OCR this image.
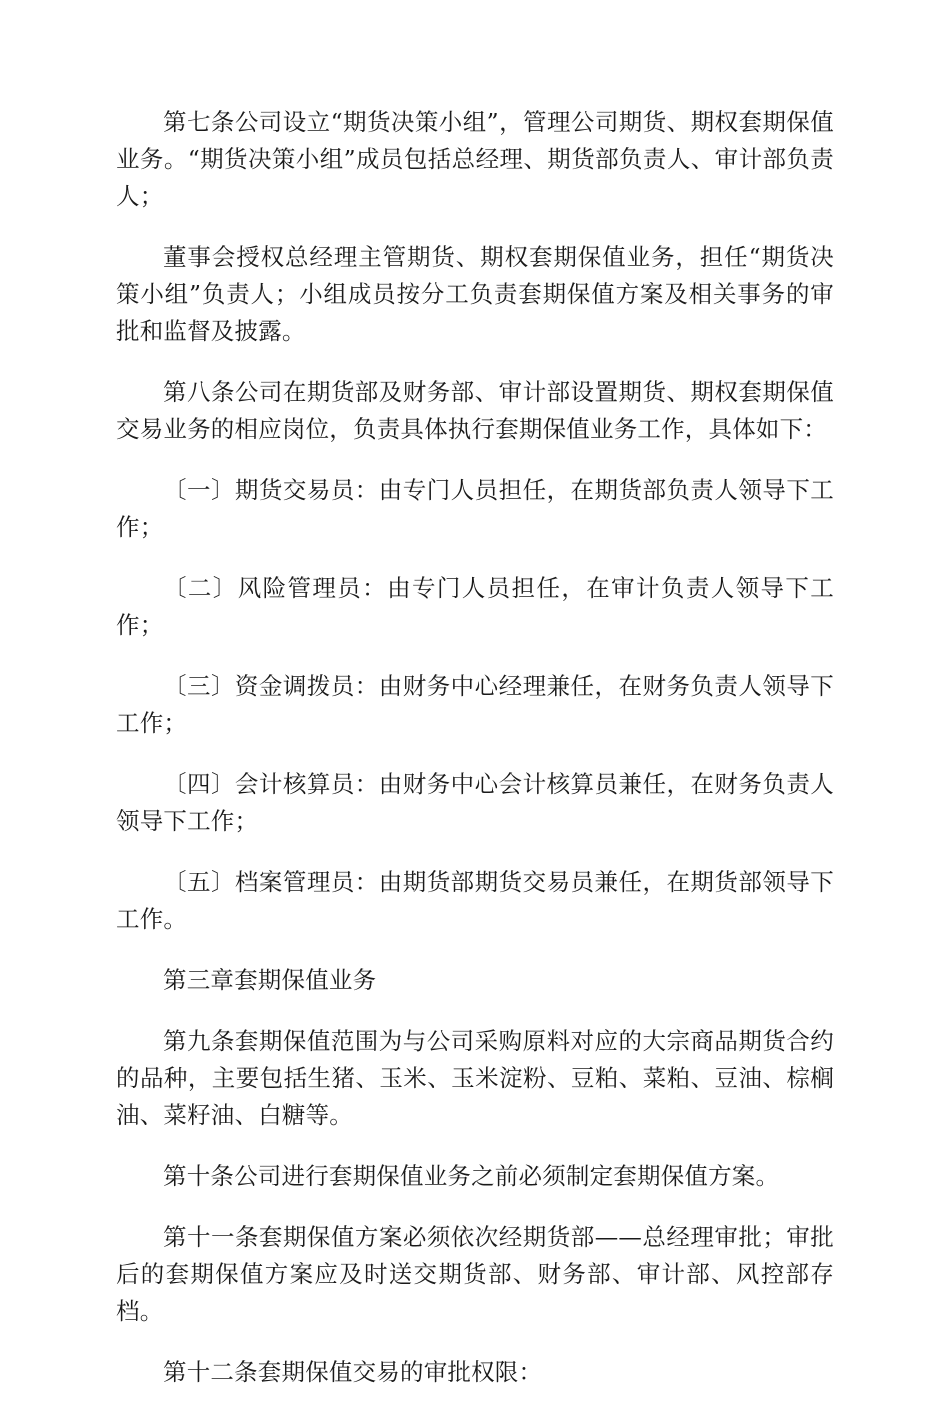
第七条公司设立“期货决策小组”，管理公司期货、期权套期保值业务。“期货决策小组”成员包括总经理、期货部负责人、审计部负责人；

董事会授权总经理主管期货、期权套期保值业务，担任“期货决策小组”负责人；小组成员按分工负责套期保值方案及相关事务的审批和监督及披露。

第八条公司在期货部及财务部、审计部设置期货、期权套期保值交易业务的相应岗位，负责具体执行套期保值业务工作，具体如下：

〔一〕期货交易员：由专门人员担任，在期货部负责人领导下工作；

〔二〕风险管理员：由专门人员担任，在审计负责人领导下工作；

〔三〕资金调拨员：由财务中心经理兼任，在财务负责人领导下工作；

〔四〕会计核算员：由财务中心会计核算员兼任，在财务负责人领导下工作；

〔五〕档案管理员：由期货部期货交易员兼任，在期货部领导下工作。

第三章套期保值业务

第九条套期保值范围为与公司采购原料对应的大宗商品期货合约的品种，主要包括生猪、玉米、玉米淀粉、豆粕、菜粕、豆油、棕榈油、菜籽油、白糖等。

第十条公司进行套期保值业务之前必须制定套期保值方案。

第十一条套期保值方案必须依次经期货部——总经理审批；审批后的套期保值方案应及时送交期货部、财务部、审计部、风控部存档。

第十二条套期保值交易的审批权限：
